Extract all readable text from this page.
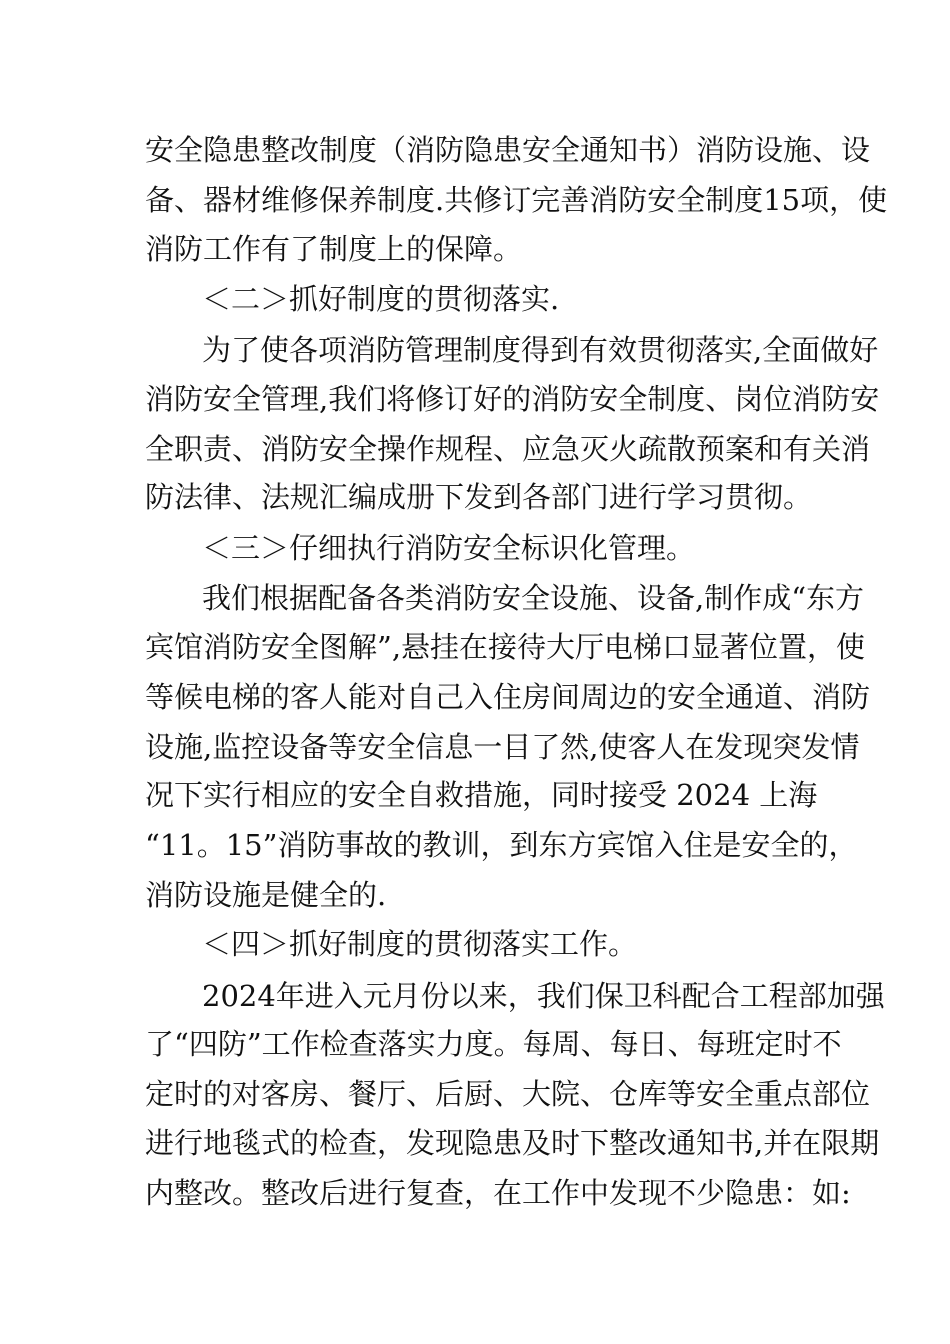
安全隐患整改制度（消防隐患安全通知书）消防设施、设
备、器材维修保养制度.共修订完善消防安全制度15项，使
消防工作有了制度上的保障。
＜二＞抓好制度的贯彻落实.
为了使各项消防管理制度得到有效贯彻落实,全面做好
消防安全管理,我们将修订好的消防安全制度、岗位消防安
全职责、消防安全操作规程、应急灭火疏散预案和有关消
防法律、法规汇编成册下发到各部门进行学习贯彻。
＜三＞仔细执行消防安全标识化管理。
我们根据配备各类消防安全设施、设备,制作成“东方
宾馆消防安全图解”,悬挂在接待大厅电梯口显著位置，使
等候电梯的客人能对自己入住房间周边的安全通道、消防
设施,监控设备等安全信息一目了然,使客人在发现突发情
况下实行相应的安全自救措施，同时接受 2024 上海
“11。15”消防事故的教训，到东方宾馆入住是安全的，
消防设施是健全的.
＜四＞抓好制度的贯彻落实工作。
2024年进入元月份以来，我们保卫科配合工程部加强
了“四防”工作检查落实力度。每周、每日、每班定时不
定时的对客房、餐厅、后厨、大院、仓库等安全重点部位
进行地毯式的检查，发现隐患及时下整改通知书,并在限期
内整改。整改后进行复查，在工作中发现不少隐患：如:
